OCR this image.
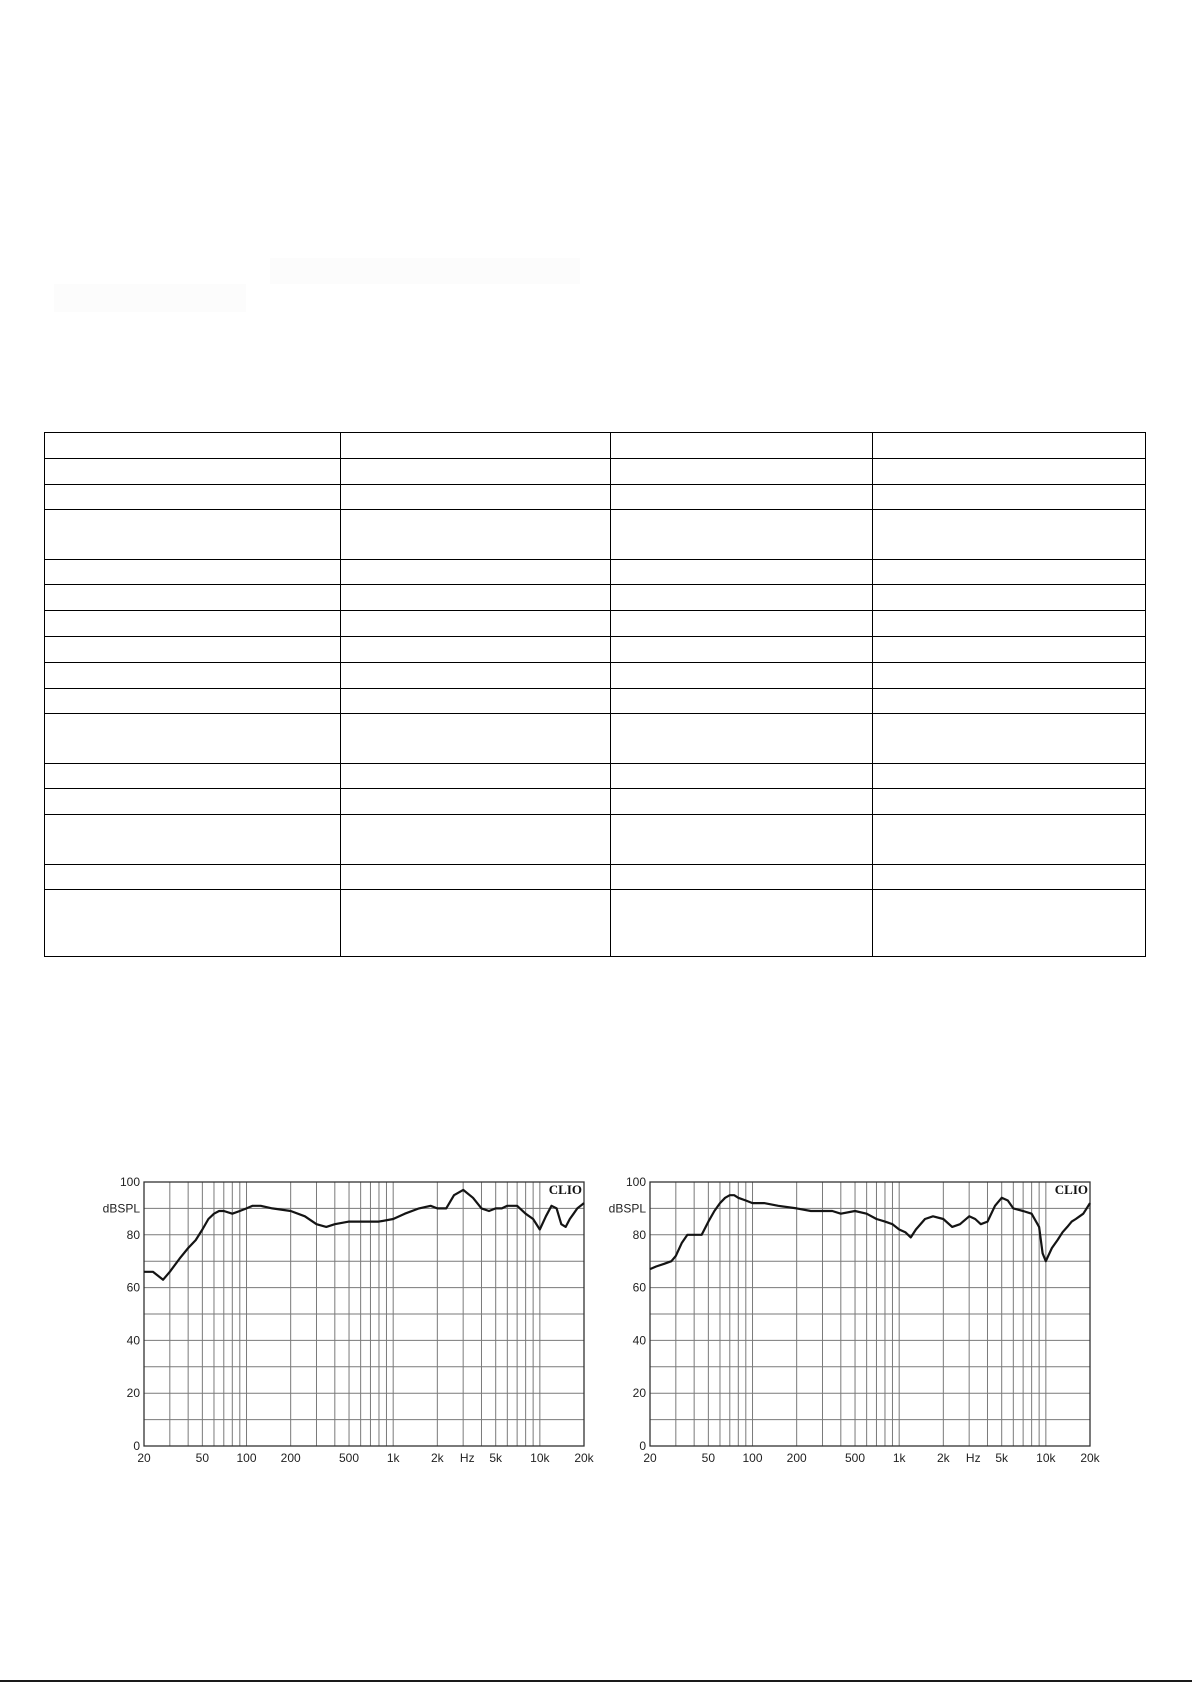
0
20
40
60
80
100
dBSPL
20	50 100 200	500 1k	2k	5k 10k 20k
Hz
CLIO
0
20
40
60
80
100
dBSPL
20	50 100 200	500 1k	2k	5k 10k 20k
Hz
CLIO
